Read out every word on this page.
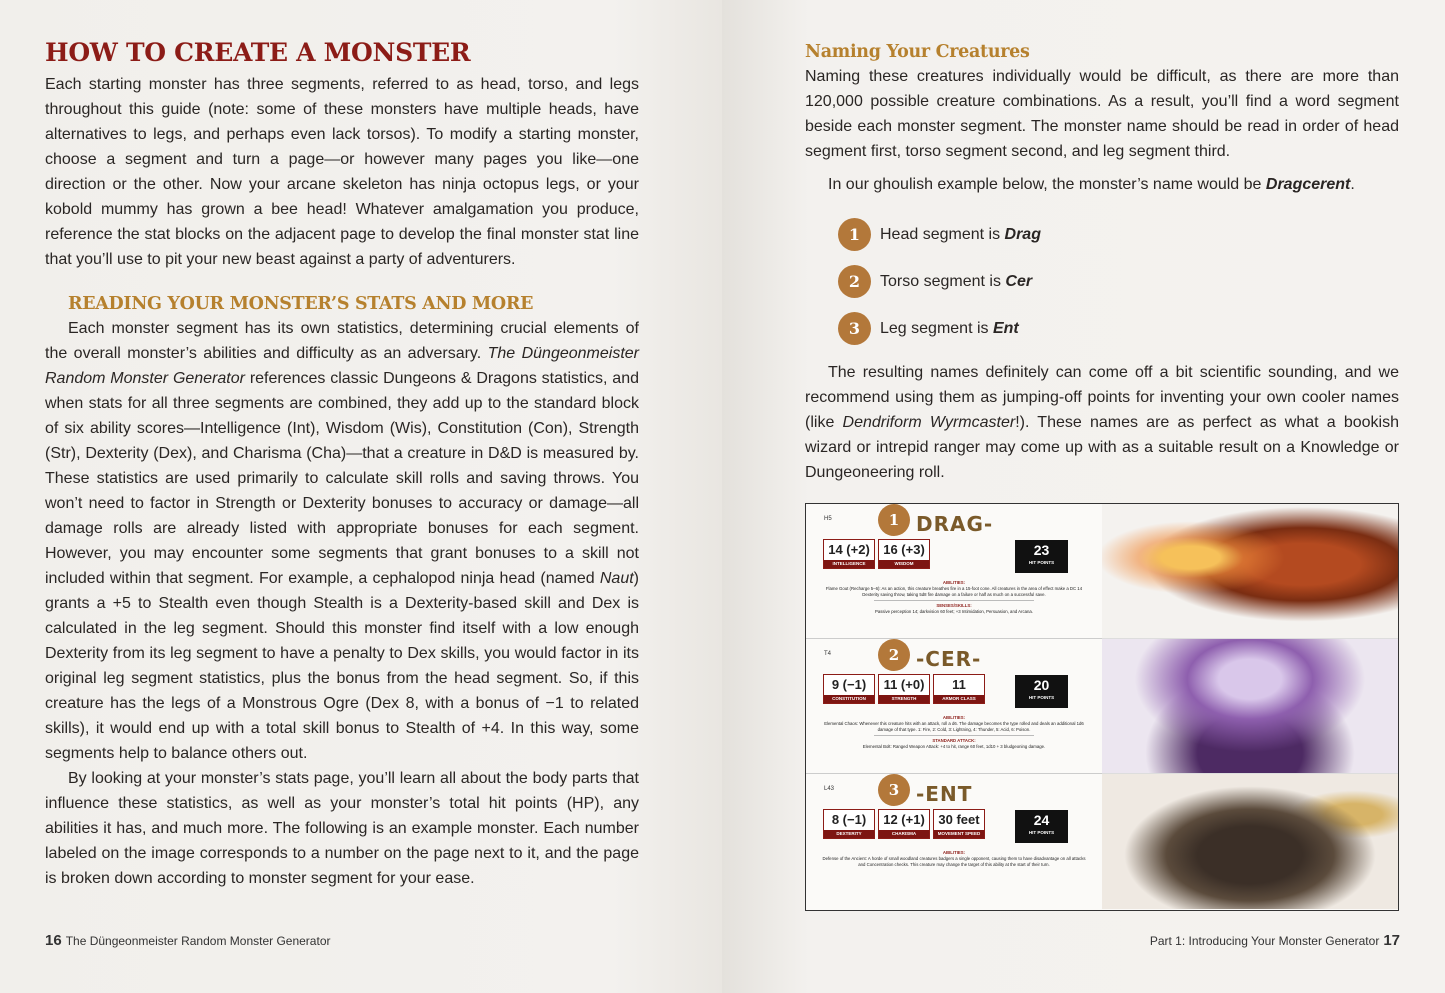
HOW TO CREATE A MONSTER

Each starting monster has three segments, referred to as head, torso, and legs throughout this guide (note: some of these monsters have multiple heads, have alternatives to legs, and perhaps even lack torsos). To modify a starting monster, choose a segment and turn a page—or however many pages you like—one direction or the other. Now your arcane skeleton has ninja octopus legs, or your kobold mummy has grown a bee head! Whatever amalgamation you produce, reference the stat blocks on the adjacent page to develop the final monster stat line that you’ll use to pit your new beast against a party of adventurers.

READING YOUR MONSTER’S STATS AND MORE

Each monster segment has its own statistics, determining crucial elements of the overall monster’s abilities and difficulty as an adversary. The Düngeonmeister Random Monster Generator references classic Dungeons & Dragons statistics, and when stats for all three segments are combined, they add up to the standard block of six ability scores—Intelligence (Int), Wisdom (Wis), Constitution (Con), Strength (Str), Dexterity (Dex), and Charisma (Cha)—that a creature in D&D is measured by. These statistics are used primarily to calculate skill rolls and saving throws. You won’t need to factor in Strength or Dexterity bonuses to accuracy or damage—all damage rolls are already listed with appropriate bonuses for each segment. However, you may encounter some segments that grant bonuses to a skill not included within that segment. For example, a cephalopod ninja head (named Naut) grants a +5 to Stealth even though Stealth is a Dexterity-based skill and Dex is calculated in the leg segment. Should this monster find itself with a low enough Dexterity from its leg segment to have a penalty to Dex skills, you would factor in its original leg segment statistics, plus the bonus from the head segment. So, if this creature has the legs of a Monstrous Ogre (Dex 8, with a bonus of −1 to related skills), it would end up with a total skill bonus to Stealth of +4. In this way, some segments help to balance others out.

By looking at your monster’s stats page, you’ll learn all about the body parts that influence these statistics, as well as your monster’s total hit points (HP), any abilities it has, and much more. The following is an example monster. Each number labeled on the image corresponds to a number on the page next to it, and the page is broken down according to monster segment for your ease.

16 The Düngeonmeister Random Monster Generator
Naming Your Creatures

Naming these creatures individually would be difficult, as there are more than 120,000 possible creature combinations. As a result, you’ll find a word segment beside each monster segment. The monster name should be read in order of head segment first, torso segment second, and leg segment third.

In our ghoulish example below, the monster’s name would be Dragcerent.

1	Head segment is
Drag
2	Torso segment is
Cer
3	Leg segment is
Ent

The resulting names definitely can come off a bit scientific sounding, and we recommend using them as jumping-off points for inventing your own cooler names (like Dendriform Wyrmcaster!). These names are as perfect as what a bookish wizard or intrepid ranger may come up with as a suitable result on a Knowledge or Dungeoneering roll.

H5	1 DRAG-
14 (+2)
INTELLIGENCE
16 (+3)
WISDOM
23
HIT POINTS
ABILITIES:
Flame Gout (Recharge 5–6): As an action, this creature breathes fire in a 15-foot cone. All creatures in the area of effect make a DC 14 Dexterity saving throw, taking 5d8 fire damage on a failure or half as much on a successful save.
SENSES/SKILLS:
Passive perception 14; darkvision 60 feet; +3 Intimidation, Persuasion, and Arcana.
T4	2 -CER-
9 (−1)
CONSTITUTION
11 (+0)
STRENGTH
11
ARMOR CLASS
20
HIT POINTS
ABILITIES:
Elemental Chaos: Whenever this creature hits with an attack, roll a d6. The damage becomes the type rolled and deals an additional 1d6 damage of that type. 1: Fire, 2: Cold, 3: Lightning, 4: Thunder, 5: Acid, 6: Poison.
STANDARD ATTACK:
Elemental Bolt: Ranged Weapon Attack: +4 to hit, range 60 feet, 1d10 + 3 bludgeoning damage.
L43	3 -ENT
8 (−1)
DEXTERITY
12 (+1)
CHARISMA
30 feet
MOVEMENT SPEED
24
HIT POINTS
ABILITIES:
Defense of the Ancient: A horde of small woodland creatures badgers a single opponent, causing them to have disadvantage on all attacks and Concentration checks. This creature may change the target of this ability at the start of their turn.
Part 1: Introducing Your Monster Generator 17
